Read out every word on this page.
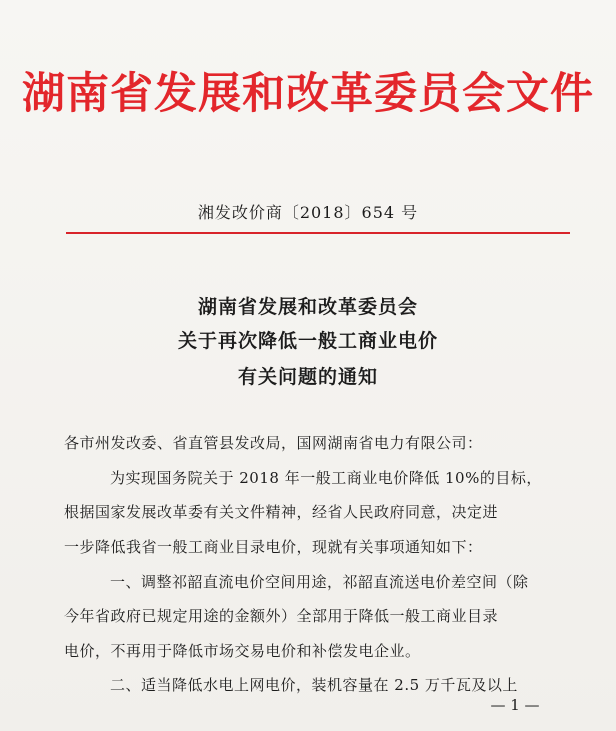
湖南省发展和改革委员会文件
湘发改价商〔2018〕654 号
湖南省发展和改革委员会
关于再次降低一般工商业电价
有关问题的通知
各市州发改委、省直管县发改局，国网湖南省电力有限公司：
为实现国务院关于 2018 年一般工商业电价降低 10%的目标，
根据国家发展改革委有关文件精神，经省人民政府同意，决定进
一步降低我省一般工商业目录电价，现就有关事项通知如下：
一、调整祁韶直流电价空间用途，祁韶直流送电价差空间（除
今年省政府已规定用途的金额外）全部用于降低一般工商业目录
电价，不再用于降低市场交易电价和补偿发电企业。
二、适当降低水电上网电价，装机容量在 2.5 万千瓦及以上
— 1 —
